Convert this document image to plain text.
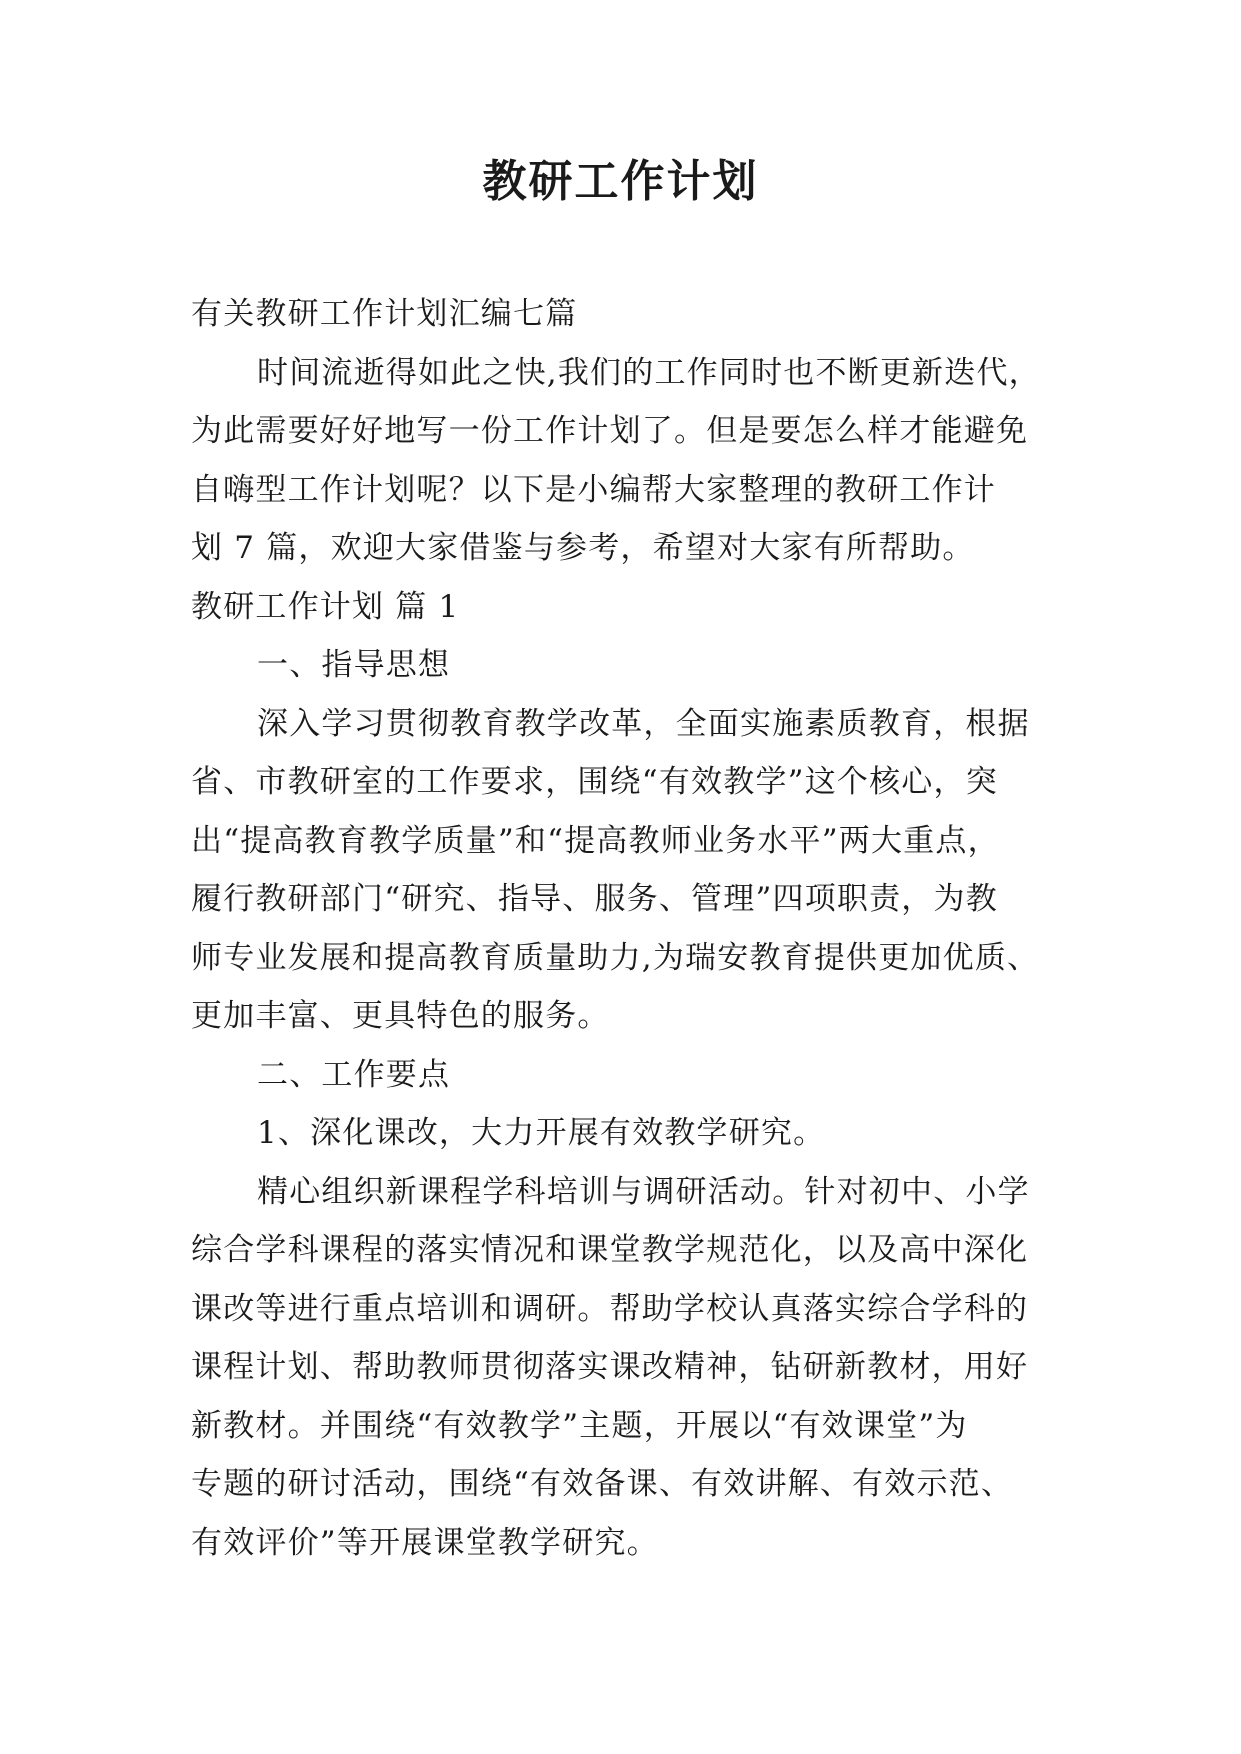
教研工作计划
有关教研工作计划汇编七篇
时间流逝得如此之快,我们的工作同时也不断更新迭代，
为此需要好好地写一份工作计划了。但是要怎么样才能避免
自嗨型工作计划呢？以下是小编帮大家整理的教研工作计
划 7 篇，欢迎大家借鉴与参考，希望对大家有所帮助。
教研工作计划 篇 1
一、指导思想
深入学习贯彻教育教学改革，全面实施素质教育，根据
省、市教研室的工作要求，围绕“有效教学”这个核心，突
出“提高教育教学质量”和“提高教师业务水平”两大重点，
履行教研部门“研究、指导、服务、管理”四项职责，为教
师专业发展和提高教育质量助力,为瑞安教育提供更加优质、
更加丰富、更具特色的服务。
二、工作要点
1、深化课改，大力开展有效教学研究。
精心组织新课程学科培训与调研活动。针对初中、小学
综合学科课程的落实情况和课堂教学规范化，以及高中深化
课改等进行重点培训和调研。帮助学校认真落实综合学科的
课程计划、帮助教师贯彻落实课改精神，钻研新教材，用好
新教材。并围绕“有效教学”主题，开展以“有效课堂”为
专题的研讨活动，围绕“有效备课、有效讲解、有效示范、
有效评价”等开展课堂教学研究。
